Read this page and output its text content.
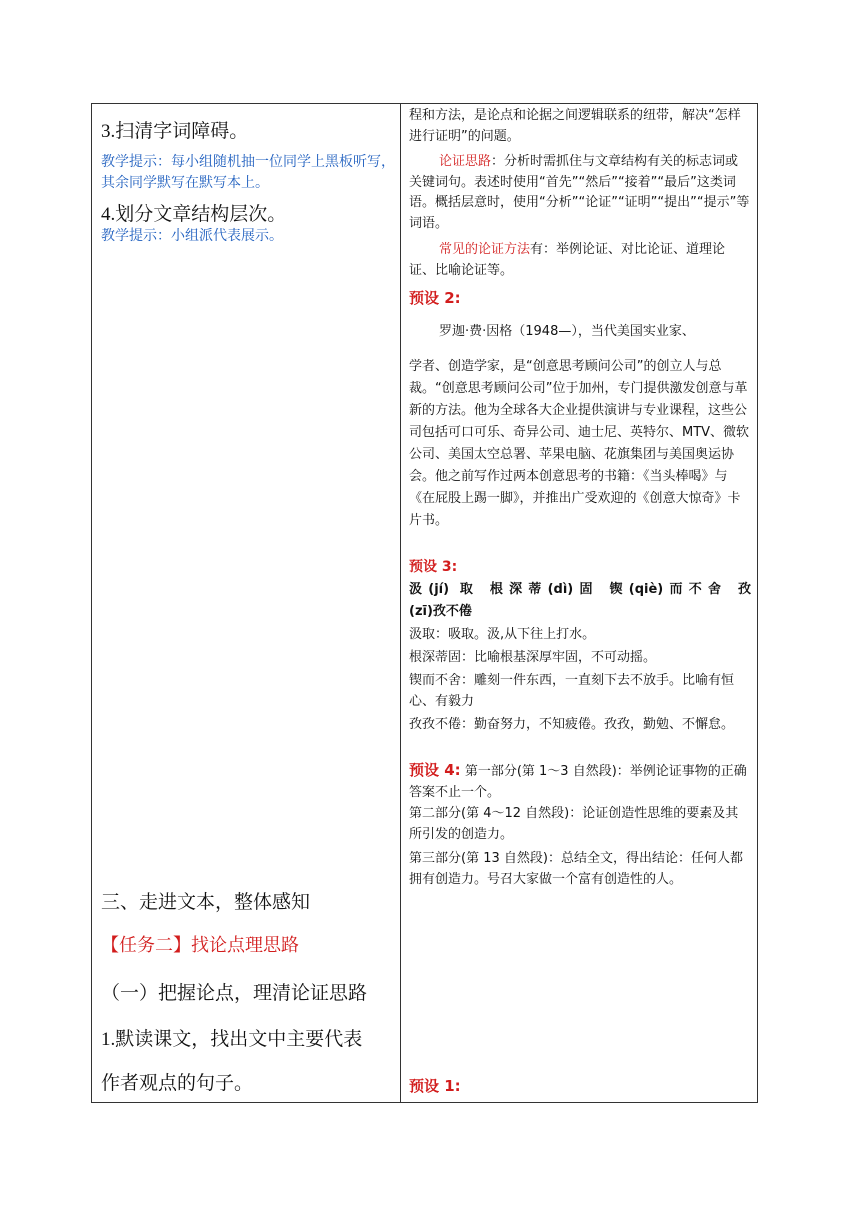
3.扫清字词障碍。

教学提示：每小组随机抽一位同学上黑板听写，其余同学默写在默写本上。

4.划分文章结构层次。

教学提示：小组派代表展示。

三、走进文本，整体感知

【任务二】找论点理思路

（一）把握论点，理清论证思路

1.默读课文，找出文中主要代表

作者观点的句子。

程和方法，是论点和论据之间逻辑联系的纽带，解决“怎样进行证明”的问题。

论证思路：分析时需抓住与文章结构有关的标志词或关键词句。表述时使用“首先”“然后”“接着”“最后”这类词语。概括层意时，使用“分析”“论证”“证明”“提出”“提示”等词语。

常见的论证方法有：举例论证、对比论证、道理论证、比喻论证等。

预设 2:

罗迦·费·因格（1948—），当代美国实业家、

学者、创造学家，是“创意思考顾问公司”的创立人与总裁。“创意思考顾问公司”位于加州，专门提供激发创意与革新的方法。他为全球各大企业提供演讲与专业课程，这些公司包括可口可乐、奇异公司、迪士尼、英特尔、MTV、微软公司、美国太空总署、苹果电脑、花旗集团与美国奥运协会。他之前写作过两本创意思考的书籍：《当头棒喝》与《在屁股上踢一脚》，并推出广受欢迎的《创意大惊奇》卡片书。

预设 3:

汲(jí) 取 根深蒂(dì)固 锲(qiè)而不舍 孜

(zī)孜不倦

汲取：吸取。汲,从下往上打水。

根深蒂固：比喻根基深厚牢固，不可动摇。

锲而不舍：雕刻一件东西，一直刻下去不放手。比喻有恒心、有毅力

孜孜不倦：勤奋努力，不知疲倦。孜孜，勤勉、不懈怠。

预设 4: 第一部分(第 1～3 自然段)：举例论证事物的正确答案不止一个。

第二部分(第 4～12 自然段)：论证创造性思维的要素及其所引发的创造力。

第三部分(第 13 自然段)：总结全文，得出结论：任何人都拥有创造力。号召大家做一个富有创造性的人。

预设 1:
